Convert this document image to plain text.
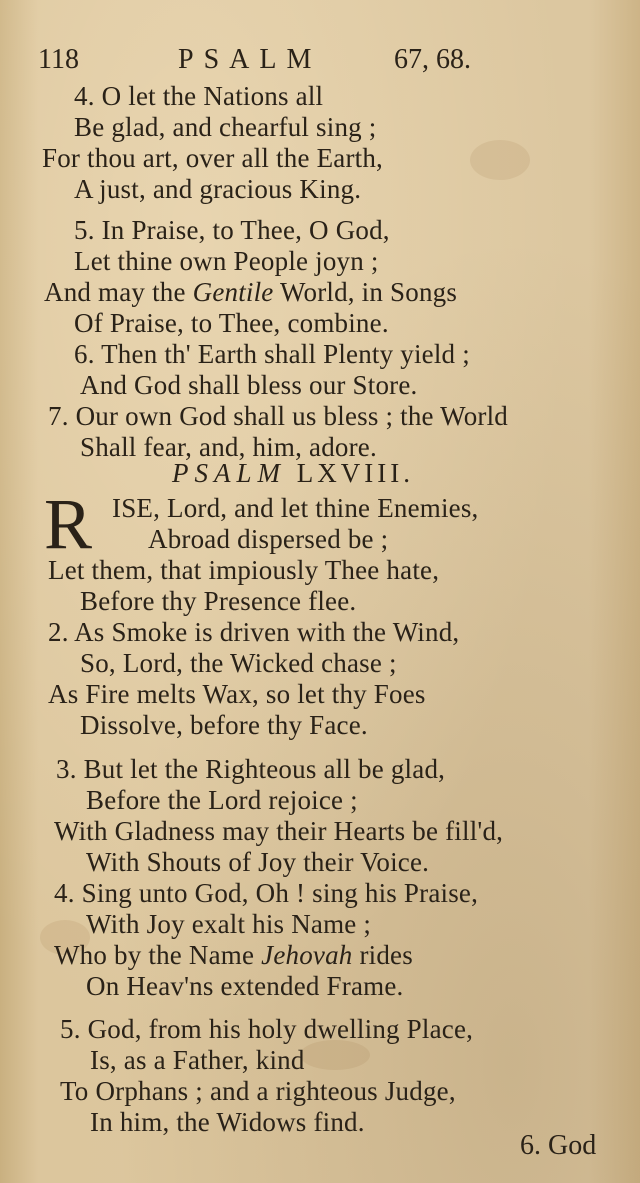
118	PSALM	67, 68.
4. O let the Nations all
Be glad, and chearful sing ;
For thou art, over all the Earth,
A just, and gracious King.
5. In Praise, to Thee, O God,
Let thine own People joyn ;
And may the Gentile World, in Songs
Of Praise, to Thee, combine.
6. Then th' Earth shall Plenty yield ;
And God shall bless our Store.
7. Our own God shall us bless ; the World
Shall fear, and, him, adore.
PSALM LXVIII.
R ISE, Lord, and let thine Enemies,
Abroad dispersed be ;
Let them, that impiously Thee hate,
Before thy Presence flee.
2. As Smoke is driven with the Wind,
So, Lord, the Wicked chase ;
As Fire melts Wax, so let thy Foes
Dissolve, before thy Face.
3. But let the Righteous all be glad,
Before the Lord rejoice ;
With Gladness may their Hearts be fill'd,
With Shouts of Joy their Voice.
4. Sing unto God, Oh ! sing his Praise,
With Joy exalt his Name ;
Who by the Name Jehovah rides
On Heav'ns extended Frame.
5. God, from his holy dwelling Place,
Is, as a Father, kind
To Orphans ; and a righteous Judge,
In him, the Widows find.
6. God
